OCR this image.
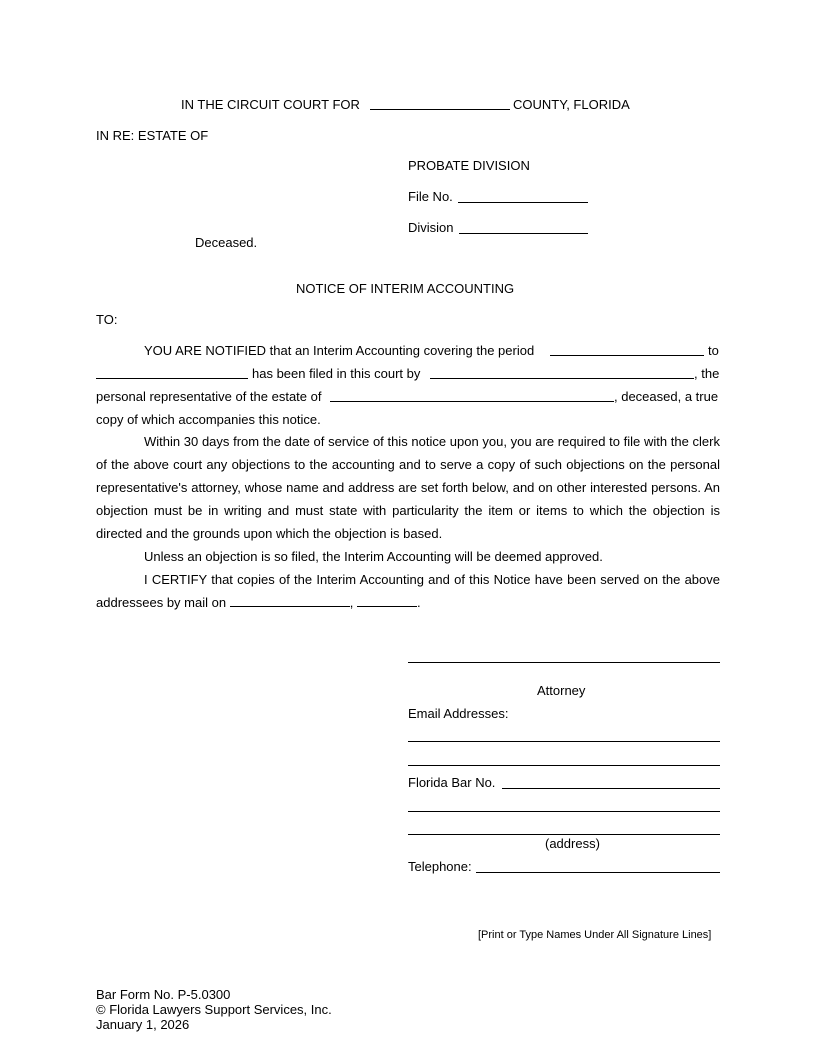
IN THE CIRCUIT COURT FOR	COUNTY, FLORIDA
IN RE: ESTATE OF
PROBATE DIVISION
File No.
Division
Deceased.
NOTICE OF INTERIM ACCOUNTING
TO:
YOU ARE NOTIFIED that an Interim Accounting covering the period	to
has been filed in this court by	, the
personal representative of the estate of	, deceased, a true
copy of which accompanies this notice.

Within 30 days from the date of service of this notice upon you, you are required to file with the clerk of the above court any objections to the accounting and to serve a copy of such objections on the personal representative's attorney, whose name and address are set forth below, and on other interested persons. An objection must be in writing and must state with particularity the item or items to which the objection is directed and the grounds upon which the objection is based.

Unless an objection is so filed, the Interim Accounting will be deemed approved.

I CERTIFY that copies of the Interim Accounting and of this Notice have been served on the above addressees by mail on	,	.

Attorney
Email Addresses:
Florida Bar No.
(address)
Telephone:
[Print or Type Names Under All Signature Lines]
Bar Form No. P-5.0300
© Florida Lawyers Support Services, Inc.
January 1, 2026
